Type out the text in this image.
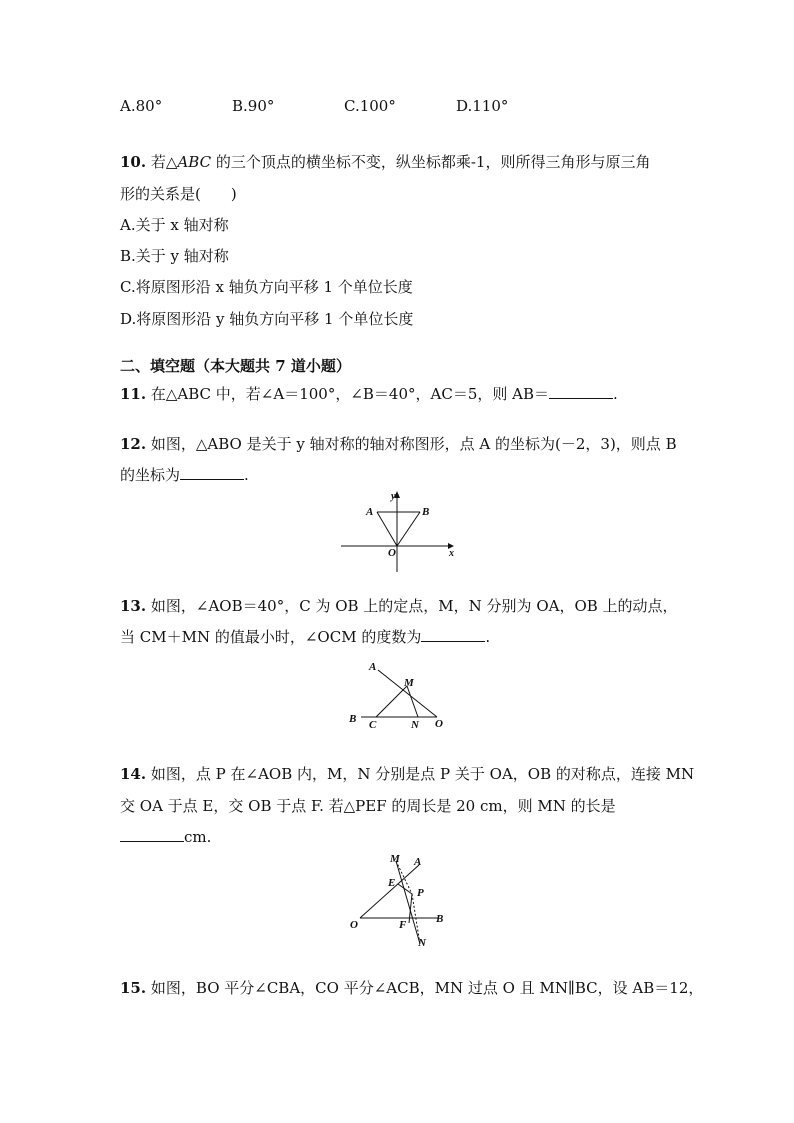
A.80°	B.90°	C.100°	D.110°
10. 若△ABC 的三个顶点的横坐标不变，纵坐标都乘-1，则所得三角形与原三角
形的关系是(　　)
A.关于 x 轴对称
B.关于 y 轴对称
C.将原图形沿 x 轴负方向平移 1 个单位长度
D.将原图形沿 y 轴负方向平移 1 个单位长度
二、填空题（本大题共 7 道小题）
11. 在△ABC 中，若∠A＝100°，∠B＝40°，AC＝5，则 AB＝	.
12. 如图，△ABO 是关于 y 轴对称的轴对称图形，点 A 的坐标为(－2，3)，则点 B
的坐标为	.
A	B
O	x
y
13. 如图，∠AOB＝40°，C 为 OB 上的定点，M，N 分别为 OA，OB 上的动点，
当 CM＋MN 的值最小时，∠OCM 的度数为	.
A
M
B C	N O
14. 如图，点 P 在∠AOB 内，M，N 分别是点 P 关于 OA，OB 的对称点，连接 MN
交 OA 于点 E，交 OB 于点 F. 若△PEF 的周长是 20 cm，则 MN 的长是
cm.
M A
E
P
O	F	B
N
15. 如图，BO 平分∠CBA，CO 平分∠ACB，MN 过点 O 且 MN∥BC，设 AB＝12，
